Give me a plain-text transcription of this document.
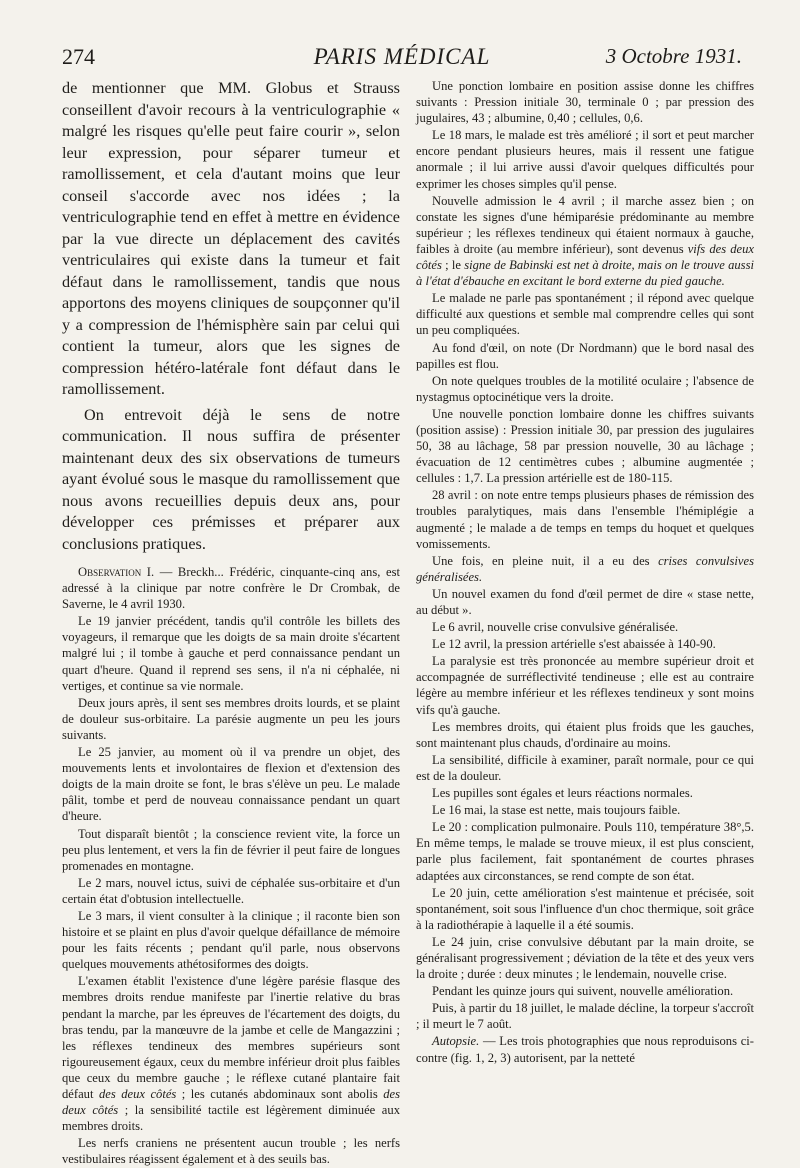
274	PARIS MÉDICAL	3 Octobre 1931.

de mentionner que MM. Globus et Strauss conseillent d'avoir recours à la ventriculographie « malgré les risques qu'elle peut faire courir », selon leur expression, pour séparer tumeur et ramollissement, et cela d'autant moins que leur conseil s'accorde avec nos idées ; la ventriculographie tend en effet à mettre en évidence par la vue directe un déplacement des cavités ventriculaires qui existe dans la tumeur et fait défaut dans le ramollissement, tandis que nous apportons des moyens cliniques de soupçonner qu'il y a compression de l'hémisphère sain par celui qui contient la tumeur, alors que les signes de compression hétéro-latérale font défaut dans le ramollissement.

On entrevoit déjà le sens de notre communication. Il nous suffira de présenter maintenant deux des six observations de tumeurs ayant évolué sous le masque du ramollissement que nous avons recueillies depuis deux ans, pour développer ces prémisses et préparer aux conclusions pratiques.

Observation I. — Breckh... Frédéric, cinquante-cinq ans, est adressé à la clinique par notre confrère le Dr Crombak, de Saverne, le 4 avril 1930.

Le 19 janvier précédent, tandis qu'il contrôle les billets des voyageurs, il remarque que les doigts de sa main droite s'écartent malgré lui ; il tombe à gauche et perd connaissance pendant un quart d'heure. Quand il reprend ses sens, il n'a ni céphalée, ni vertiges, et continue sa vie normale.

Deux jours après, il sent ses membres droits lourds, et se plaint de douleur sus-orbitaire. La parésie augmente un peu les jours suivants.

Le 25 janvier, au moment où il va prendre un objet, des mouvements lents et involontaires de flexion et d'extension des doigts de la main droite se font, le bras s'élève un peu. Le malade pâlit, tombe et perd de nouveau connaissance pendant un quart d'heure.

Tout disparaît bientôt ; la conscience revient vite, la force un peu plus lentement, et vers la fin de février il peut faire de longues promenades en montagne.

Le 2 mars, nouvel ictus, suivi de céphalée sus-orbitaire et d'un certain état d'obtusion intellectuelle.

Le 3 mars, il vient consulter à la clinique ; il raconte bien son histoire et se plaint en plus d'avoir quelque défaillance de mémoire pour les faits récents ; pendant qu'il parle, nous observons quelques mouvements athétosiformes des doigts.

L'examen établit l'existence d'une légère parésie flasque des membres droits rendue manifeste par l'inertie relative du bras pendant la marche, par les épreuves de l'écartement des doigts, du bras tendu, par la manœuvre de la jambe et celle de Mangazzini ; les réflexes tendineux des membres supérieurs sont rigoureusement égaux, ceux du membre inférieur droit plus faibles que ceux du membre gauche ; le réflexe cutané plantaire fait défaut des deux côtés ; les cutanés abdominaux sont abolis des deux côtés ; la sensibilité tactile est légèrement diminuée aux membres droits.

Les nerfs craniens ne présentent aucun trouble ; les nerfs vestibulaires réagissent également et à des seuils bas.

Une ponction lombaire en position assise donne les chiffres suivants : Pression initiale 30, terminale 0 ; par pression des jugulaires, 43 ; albumine, 0,40 ; cellules, 0,6.

Le 18 mars, le malade est très amélioré ; il sort et peut marcher encore pendant plusieurs heures, mais il ressent une fatigue anormale ; il lui arrive aussi d'avoir quelques difficultés pour exprimer les choses simples qu'il pense.

Nouvelle admission le 4 avril ; il marche assez bien ; on constate les signes d'une hémiparésie prédominante au membre supérieur ; les réflexes tendineux qui étaient normaux à gauche, faibles à droite (au membre inférieur), sont devenus vifs des deux côtés ; le signe de Babinski est net à droite, mais on le trouve aussi à l'état d'ébauche en excitant le bord externe du pied gauche.

Le malade ne parle pas spontanément ; il répond avec quelque difficulté aux questions et semble mal comprendre celles qui sont un peu compliquées.

Au fond d'œil, on note (Dr Nordmann) que le bord nasal des papilles est flou.

On note quelques troubles de la motilité oculaire ; l'absence de nystagmus optocinétique vers la droite.

Une nouvelle ponction lombaire donne les chiffres suivants (position assise) : Pression initiale 30, par pression des jugulaires 50, 38 au lâchage, 58 par pression nouvelle, 30 au lâchage ; évacuation de 12 centimètres cubes ; albumine augmentée ; cellules : 1,7. La pression artérielle est de 180-115.

28 avril : on note entre temps plusieurs phases de rémission des troubles paralytiques, mais dans l'ensemble l'hémiplégie a augmenté ; le malade a de temps en temps du hoquet et quelques vomissements.

Une fois, en pleine nuit, il a eu des crises convulsives généralisées.

Un nouvel examen du fond d'œil permet de dire « stase nette, au début ».

Le 6 avril, nouvelle crise convulsive généralisée.

Le 12 avril, la pression artérielle s'est abaissée à 140-90.

La paralysie est très prononcée au membre supérieur droit et accompagnée de surréflectivité tendineuse ; elle est au contraire légère au membre inférieur et les réflexes tendineux y sont moins vifs qu'à gauche.

Les membres droits, qui étaient plus froids que les gauches, sont maintenant plus chauds, d'ordinaire au moins.

La sensibilité, difficile à examiner, paraît normale, pour ce qui est de la douleur.

Les pupilles sont égales et leurs réactions normales.

Le 16 mai, la stase est nette, mais toujours faible.

Le 20 : complication pulmonaire. Pouls 110, température 38°,5. En même temps, le malade se trouve mieux, il est plus conscient, parle plus facilement, fait spontanément de courtes phrases adaptées aux circonstances, se rend compte de son état.

Le 20 juin, cette amélioration s'est maintenue et précisée, soit spontanément, soit sous l'influence d'un choc thermique, soit grâce à la radiothérapie à laquelle il a été soumis.

Le 24 juin, crise convulsive débutant par la main droite, se généralisant progressivement ; déviation de la tête et des yeux vers la droite ; durée : deux minutes ; le lendemain, nouvelle crise.

Pendant les quinze jours qui suivent, nouvelle amélioration.

Puis, à partir du 18 juillet, le malade décline, la torpeur s'accroît ; il meurt le 7 août.

Autopsie. — Les trois photographies que nous reproduisons ci-contre (fig. 1, 2, 3) autorisent, par la netteté
